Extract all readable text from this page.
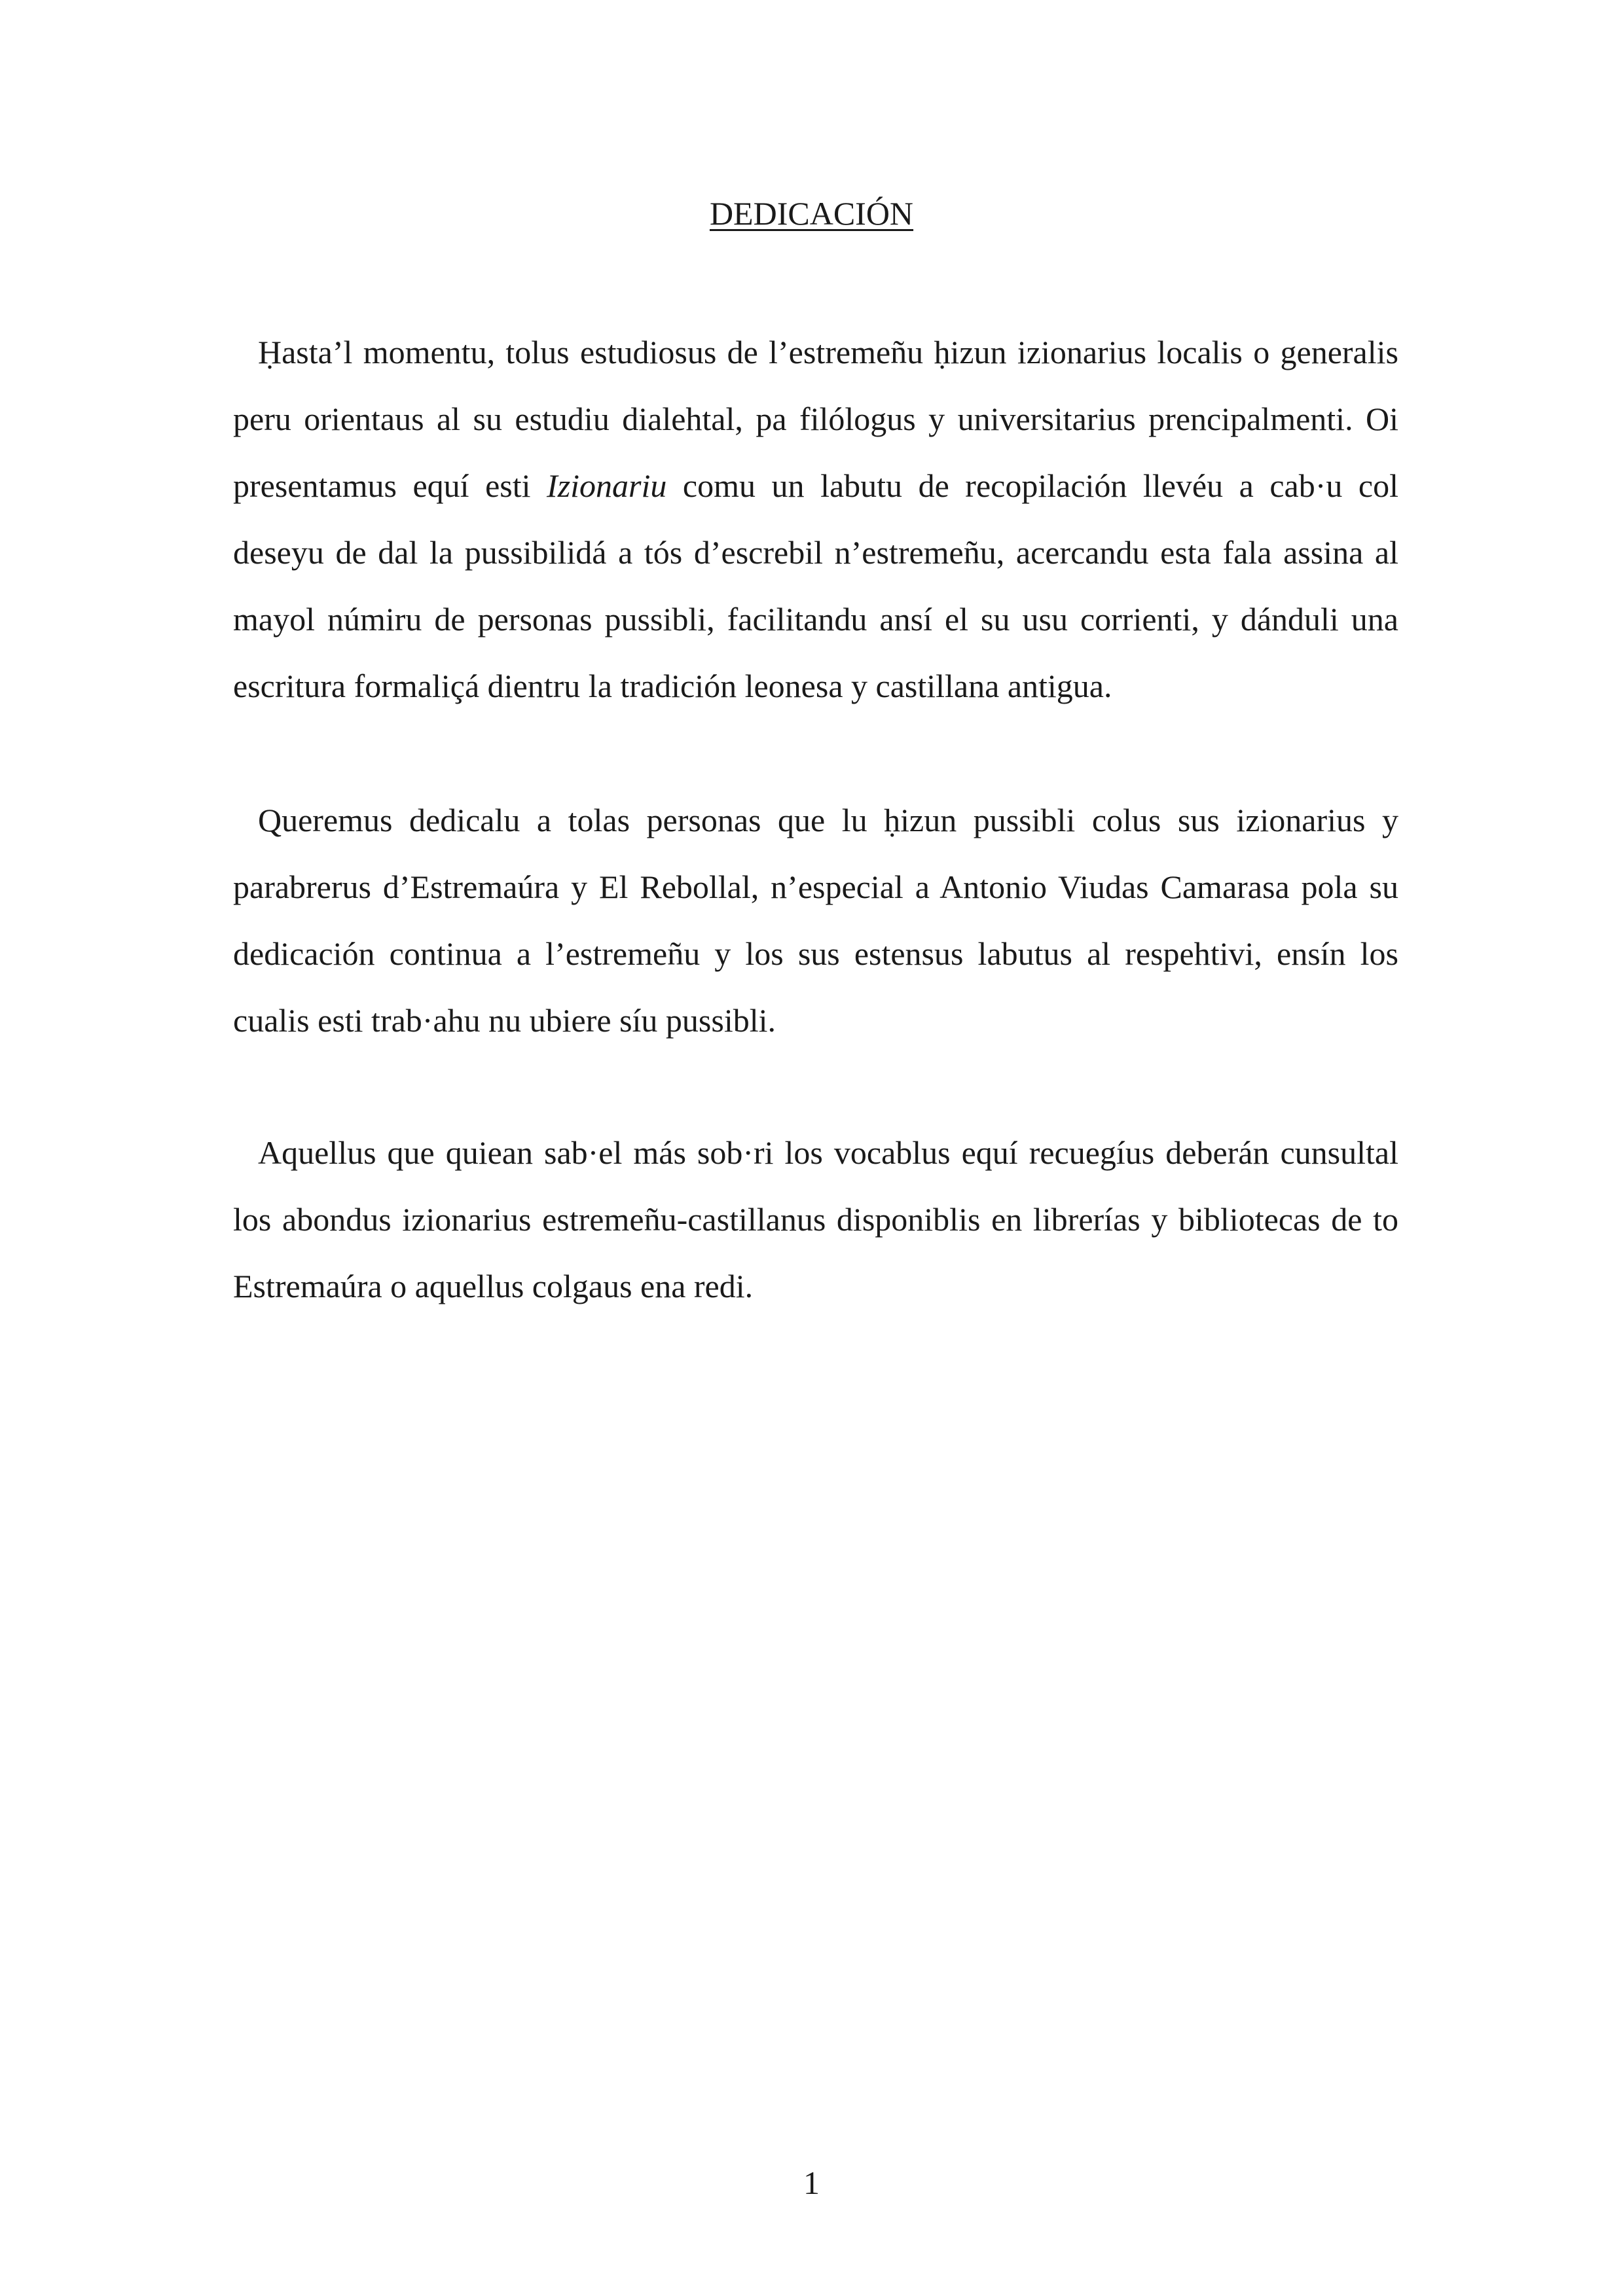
DEDICACIÓN

Ḥasta’l momentu, tolus estudiosus de l’estremeñu ḥizun izionarius localis o generalis peru orientaus al su estudiu dialehtal, pa filólogus y universitarius prencipalmenti. Oi presentamus equí esti Izionariu comu un labutu de recopilación llevéu a cab·u col deseyu de dal la pussibilidá a tós d’escrebil n’estremeñu, acercandu esta fala assina al mayol númiru de personas pussibli, facilitandu ansí el su usu corrienti, y dánduli una escritura formaliçá dientru la tradición leonesa y castillana antigua.

Queremus dedicalu a tolas personas que lu ḥizun pussibli colus sus izionarius y parabrerus d’Estremaúra y El Rebollal, n’especial a Antonio Viudas Camarasa pola su dedicación continua a l’estremeñu y los sus estensus labutus al respehtivi, ensín los cualis esti trab·ahu nu ubiere síu pussibli.

Aquellus que quiean sab·el más sob·ri los vocablus equí recuegíus deberán cunsultal los abondus izionarius estremeñu-castillanus disponiblis en librerías y bibliotecas de to Estremaúra o aquellus colgaus ena redi.

1
